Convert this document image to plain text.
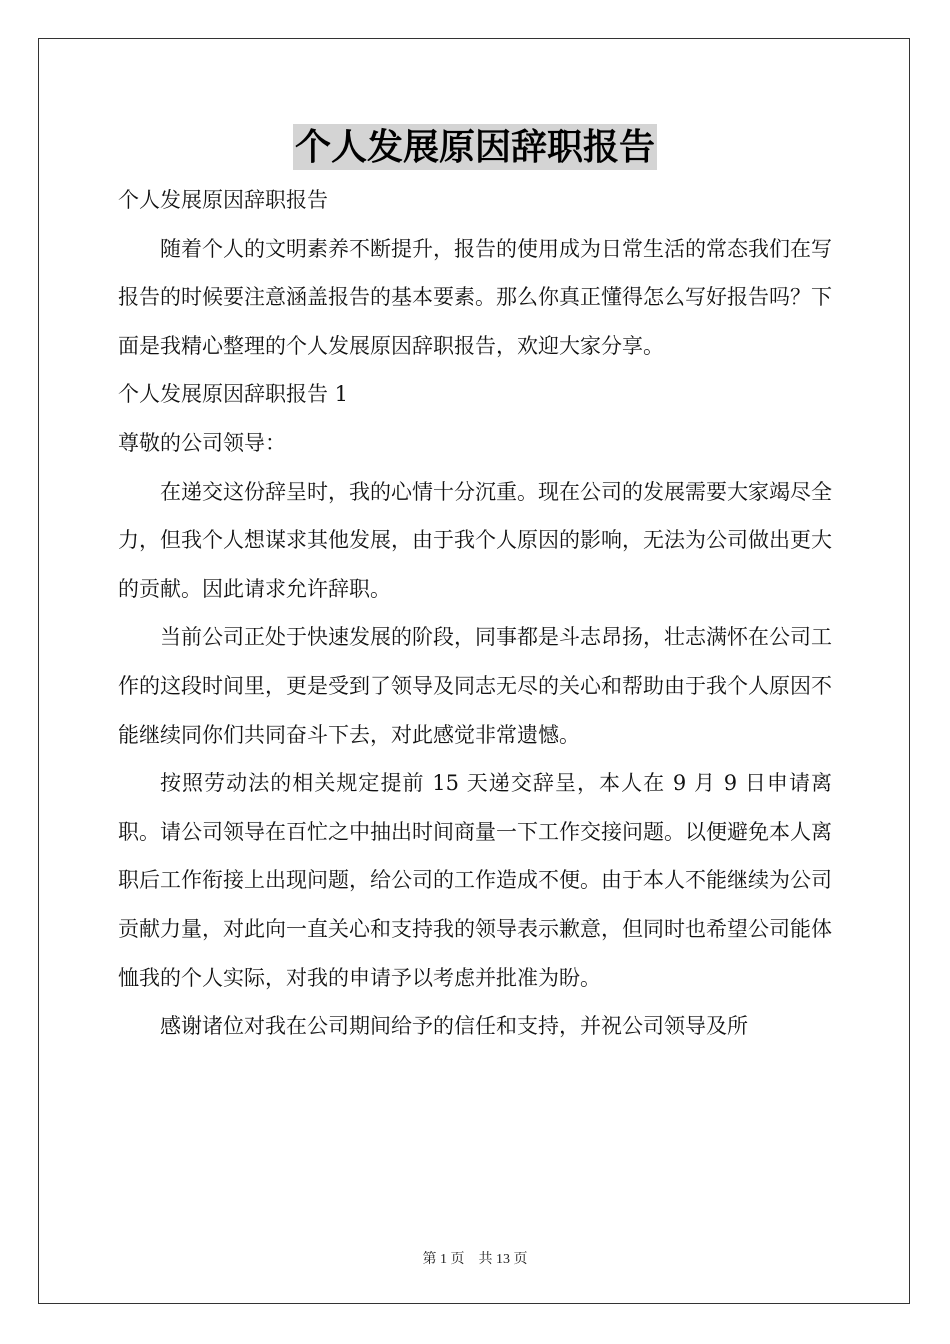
个人发展原因辞职报告

个人发展原因辞职报告

随着个人的文明素养不断提升，报告的使用成为日常生活的常态我们在写报告的时候要注意涵盖报告的基本要素。那么你真正懂得怎么写好报告吗？下面是我精心整理的个人发展原因辞职报告，欢迎大家分享。

个人发展原因辞职报告 1

尊敬的公司领导：

在递交这份辞呈时，我的心情十分沉重。现在公司的发展需要大家竭尽全力，但我个人想谋求其他发展，由于我个人原因的影响，无法为公司做出更大的贡献。因此请求允许辞职。

当前公司正处于快速发展的阶段，同事都是斗志昂扬，壮志满怀在公司工作的这段时间里，更是受到了领导及同志无尽的关心和帮助由于我个人原因不能继续同你们共同奋斗下去，对此感觉非常遗憾。

按照劳动法的相关规定提前 15 天递交辞呈，本人在 9 月 9 日申请离职。请公司领导在百忙之中抽出时间商量一下工作交接问题。以便避免本人离职后工作衔接上出现问题，给公司的工作造成不便。由于本人不能继续为公司贡献力量，对此向一直关心和支持我的领导表示歉意，但同时也希望公司能体恤我的个人实际，对我的申请予以考虑并批准为盼。

感谢诸位对我在公司期间给予的信任和支持，并祝公司领导及所

第 1 页    共 13 页
